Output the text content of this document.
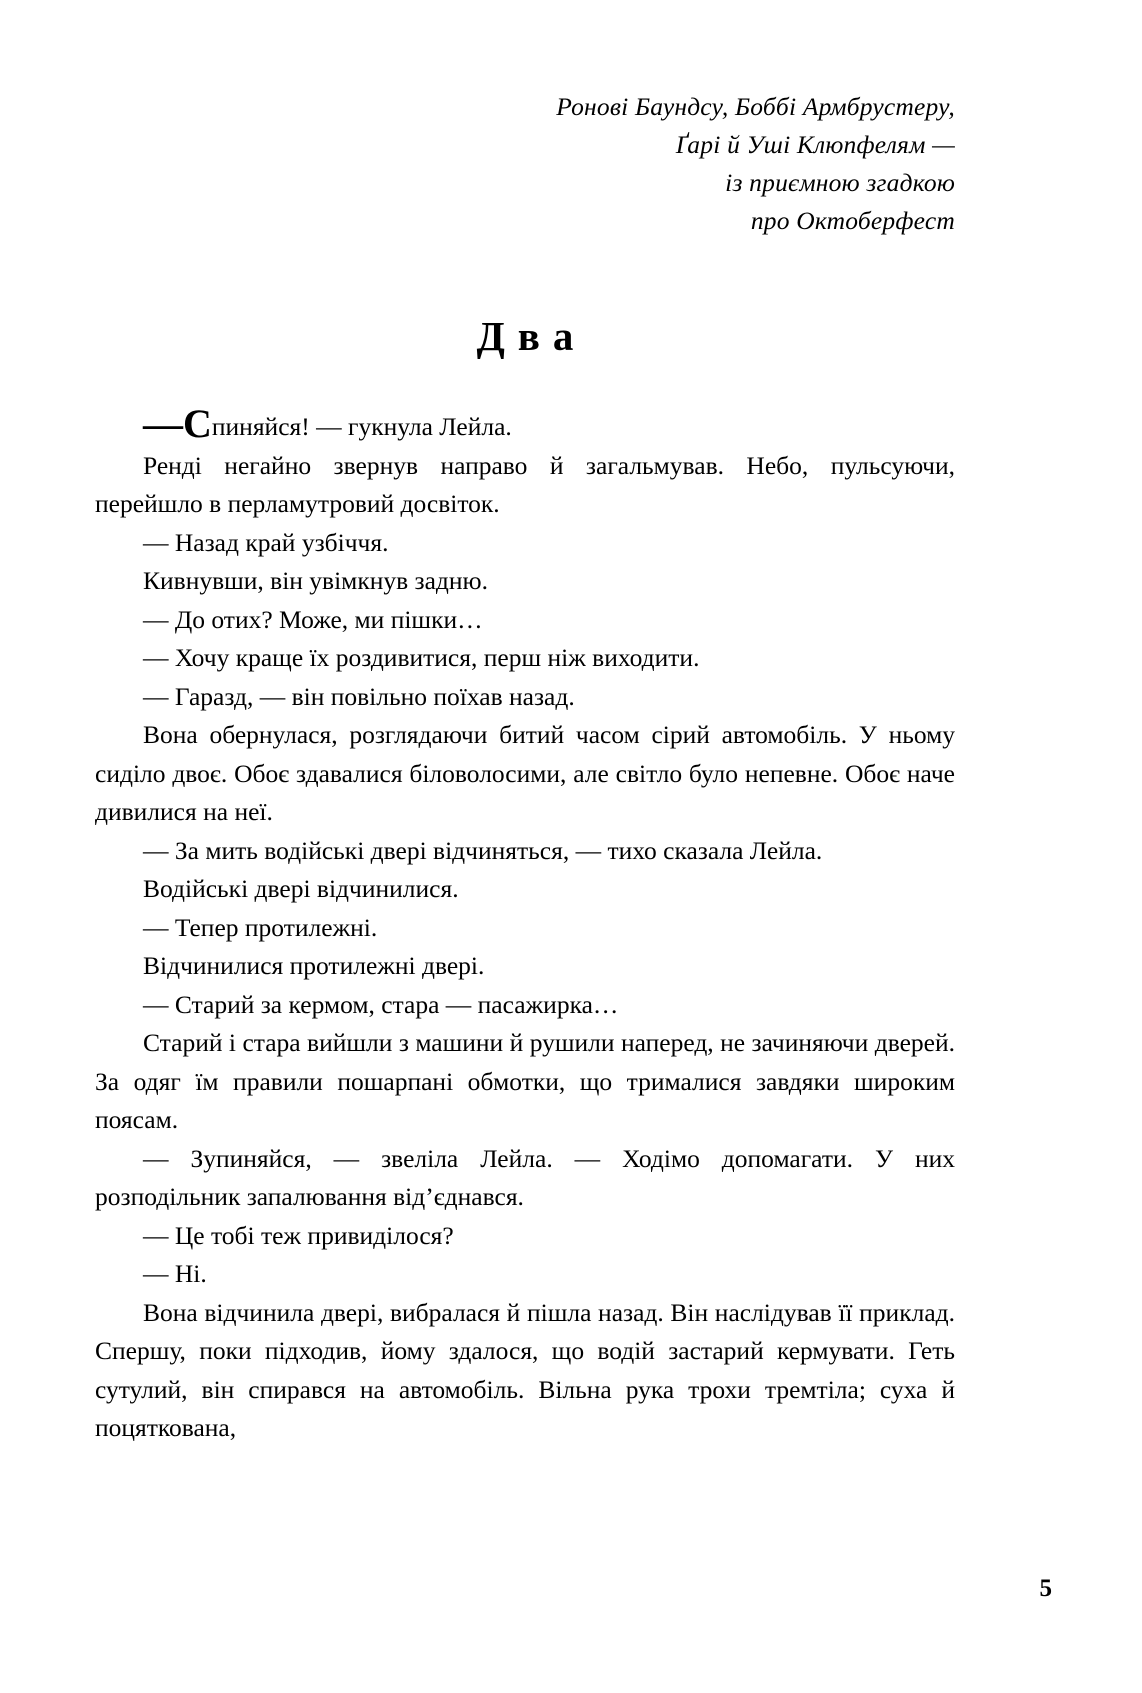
Ронові Баундсу, Боббі Армбрустеру,
Ґарі й Уші Клюпфелям —
із приємною згадкою
про Октоберфест
Два

—Спиняйся! — гукнула Лейла.

Ренді негайно звернув направо й загальмував. Небо, пульсуючи, перейшло в перламутровий досвіток.

— Назад край узбіччя.

Кивнувши, він увімкнув задню.

— До отих? Може, ми пішки…

— Хочу краще їх роздивитися, перш ніж виходити.

— Гаразд, — він повільно поїхав назад.

Вона обернулася, розглядаючи битий часом сірий автомобіль. У ньому сиділо двоє. Обоє здавалися біловолосими, але світло було непевне. Обоє наче дивилися на неї.

— За мить водійські двері відчиняться, — тихо сказала Лейла.

Водійські двері відчинилися.

— Тепер протилежні.

Відчинилися протилежні двері.

— Старий за кермом, стара — пасажирка…

Старий і стара вийшли з машини й рушили наперед, не зачиняючи дверей. За одяг їм правили пошарпані обмотки, що трималися завдяки широким поясам.

— Зупиняйся, — звеліла Лейла. — Ходімо допомагати. У них розподільник запалювання від’єднався.

— Це тобі теж привиділося?

— Ні.

Вона відчинила двері, вибралася й пішла назад. Він наслідував її приклад. Спершу, поки підходив, йому здалося, що водій застарий кермувати. Геть сутулий, він спирався на автомобіль. Вільна рука трохи тремтіла; суха й поцяткована,

5
